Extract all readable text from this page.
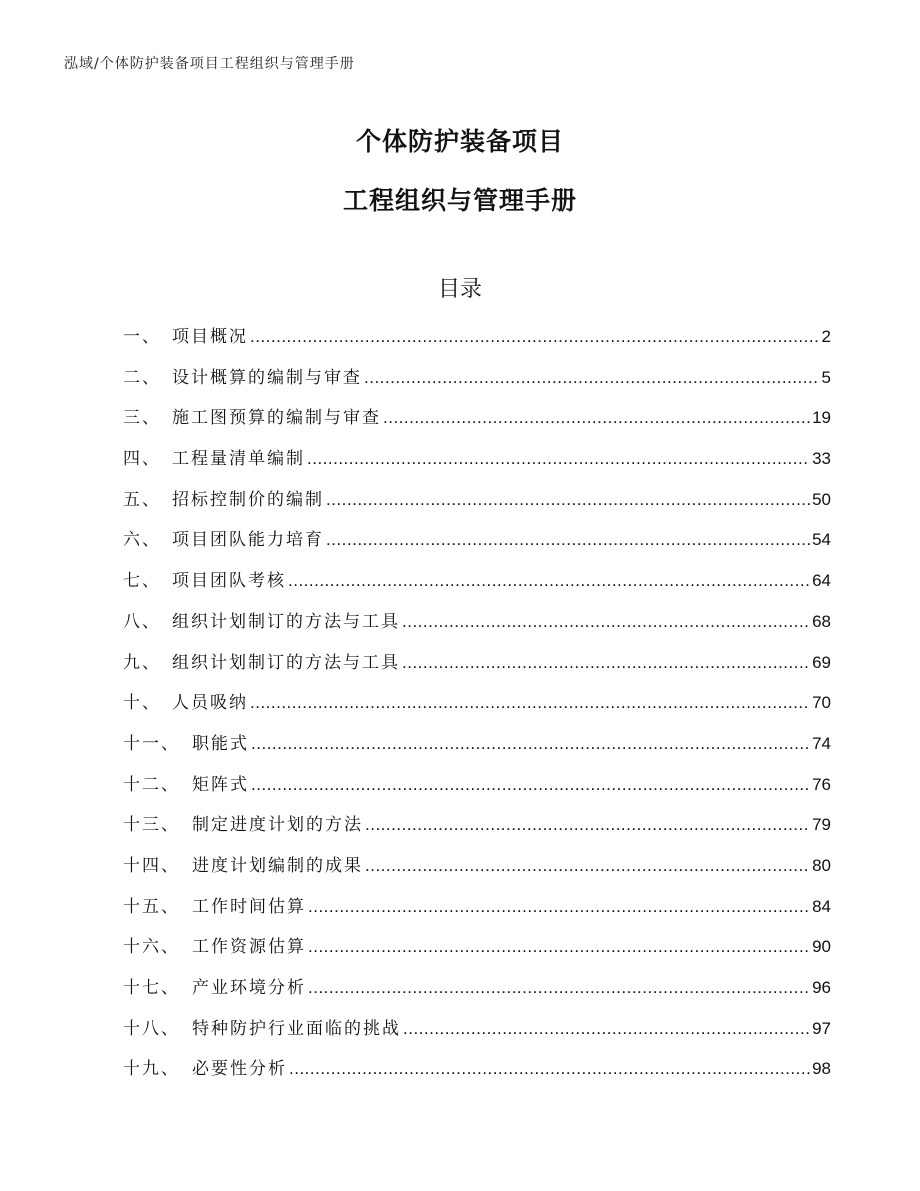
泓域/个体防护装备项目工程组织与管理手册
个体防护装备项目
工程组织与管理手册
目录
一、 项目概况 .....	2
二、 设计概算的编制与审查 .....	5
三、 施工图预算的编制与审查 .....	19
四、 工程量清单编制 .....	33
五、 招标控制价的编制 .....	50
六、 项目团队能力培育 .....	54
七、 项目团队考核 .....	64
八、 组织计划制订的方法与工具 .....	68
九、 组织计划制订的方法与工具 .....	69
十、 人员吸纳 .....	70
十一、 职能式 .....	74
十二、 矩阵式 .....	76
十三、 制定进度计划的方法 .....	79
十四、 进度计划编制的成果 .....	80
十五、 工作时间估算 .....	84
十六、 工作资源估算 .....	90
十七、 产业环境分析 .....	96
十八、 特种防护行业面临的挑战 .....	97
十九、 必要性分析 .....	98
